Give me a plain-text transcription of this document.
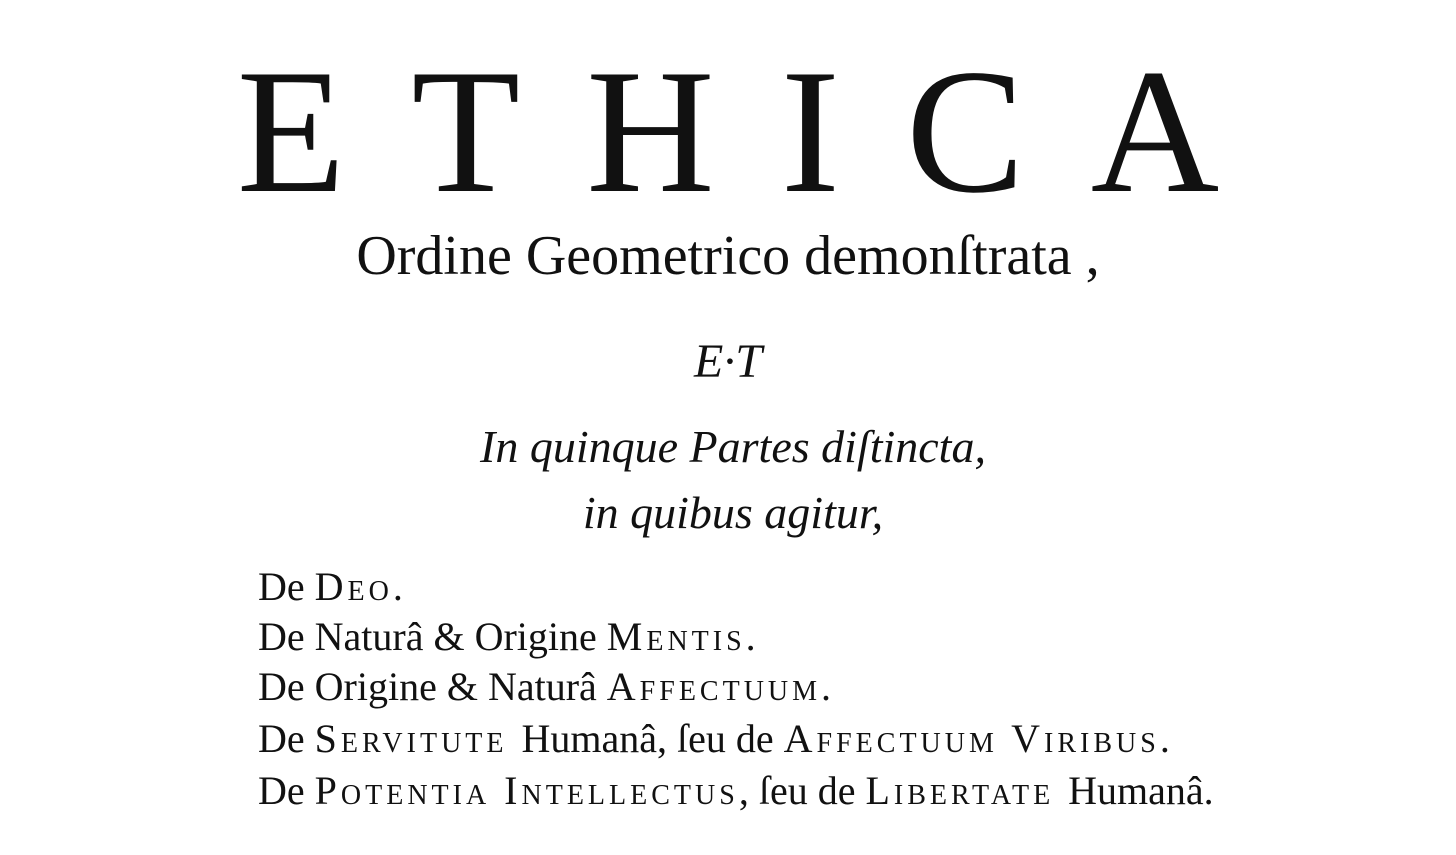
ETHICA
Ordine Geometrico demonſtrata ,
E·T
In quinque Partes diſtincta,
in quibus agitur,
De Deo.
De Naturâ & Origine Mentis.
De Origine & Naturâ Affectuum.
De Servitute Humanâ, ſeu de Affectuum Viribus.
De Potentia Intellectus, ſeu de Libertate Humanâ.
